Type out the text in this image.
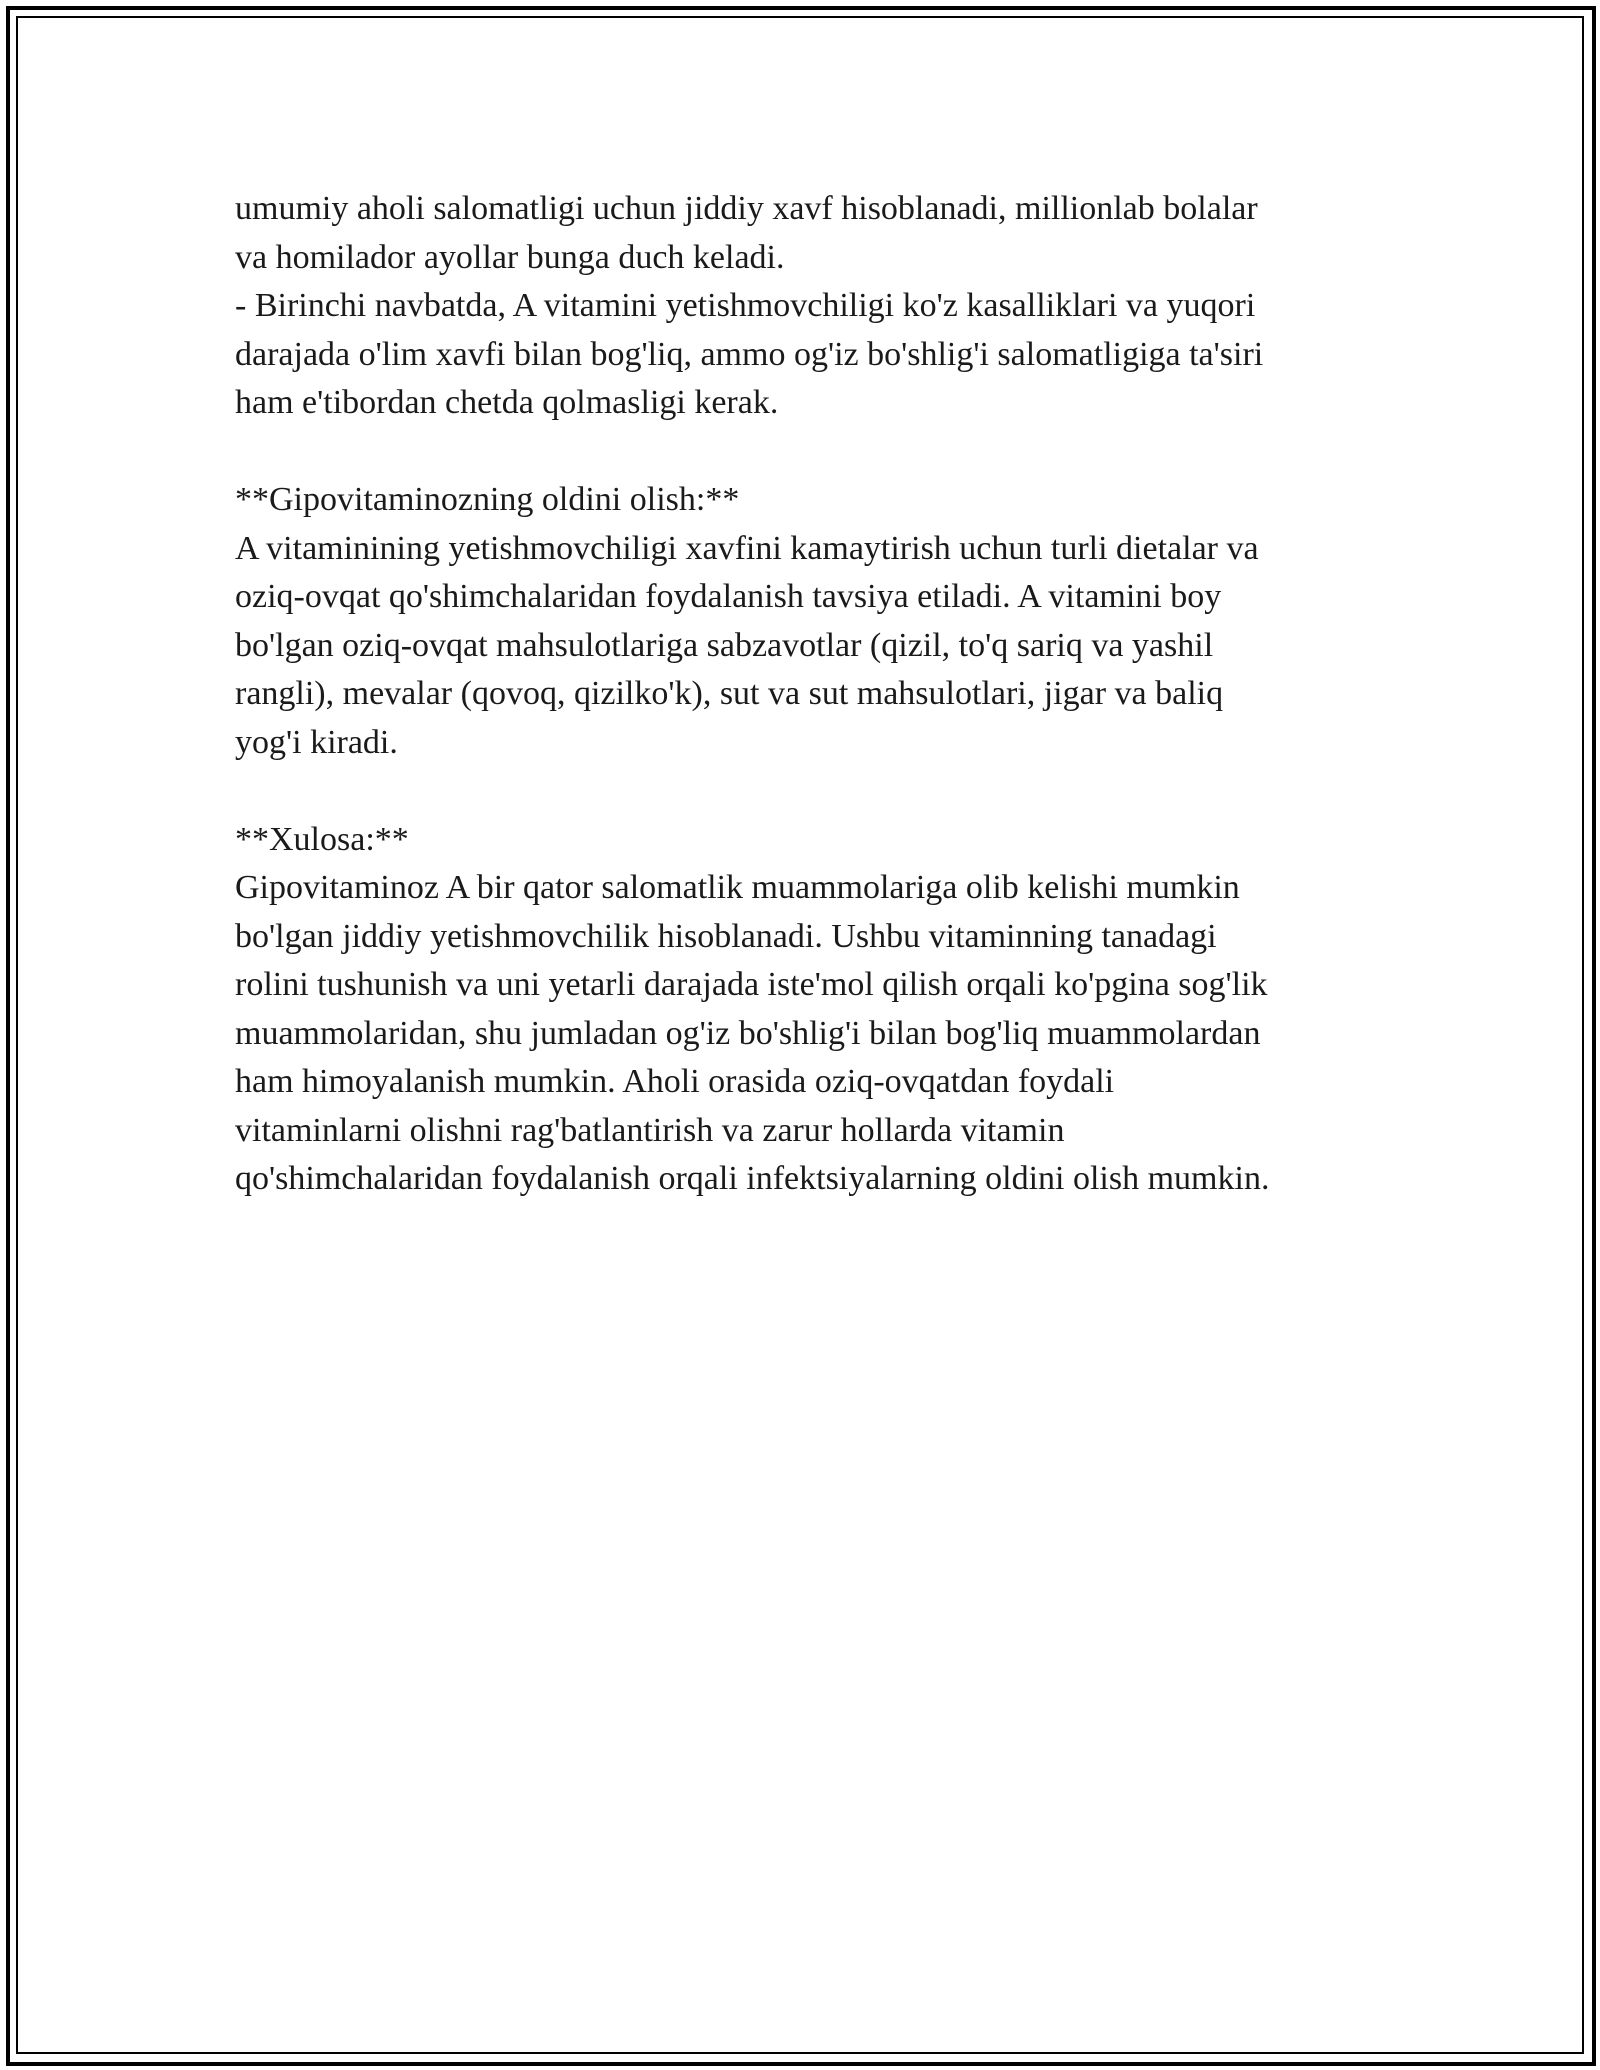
umumiy aholi salomatligi uchun jiddiy xavf hisoblanadi, millionlab bolalar
va homilador ayollar bunga duch keladi.
- Birinchi navbatda, A vitamini yetishmovchiligi ko'z kasalliklari va yuqori
darajada o'lim xavfi bilan bog'liq, ammo og'iz bo'shlig'i salomatligiga ta'siri
ham e'tibordan chetda qolmasligi kerak.
**Gipovitaminozning oldini olish:**
A vitaminining yetishmovchiligi xavfini kamaytirish uchun turli dietalar va
oziq-ovqat qo'shimchalaridan foydalanish tavsiya etiladi. A vitamini boy
bo'lgan oziq-ovqat mahsulotlariga sabzavotlar (qizil, to'q sariq va yashil
rangli), mevalar (qovoq, qizilko'k), sut va sut mahsulotlari, jigar va baliq
yog'i kiradi.
**Xulosa:**
Gipovitaminoz A bir qator salomatlik muammolariga olib kelishi mumkin
bo'lgan jiddiy yetishmovchilik hisoblanadi. Ushbu vitaminning tanadagi
rolini tushunish va uni yetarli darajada iste'mol qilish orqali ko'pgina sog'lik
muammolaridan, shu jumladan og'iz bo'shlig'i bilan bog'liq muammolardan
ham himoyalanish mumkin. Aholi orasida oziq-ovqatdan foydali
vitaminlarni olishni rag'batlantirish va zarur hollarda vitamin
qo'shimchalaridan foydalanish orqali infektsiyalarning oldini olish mumkin.
